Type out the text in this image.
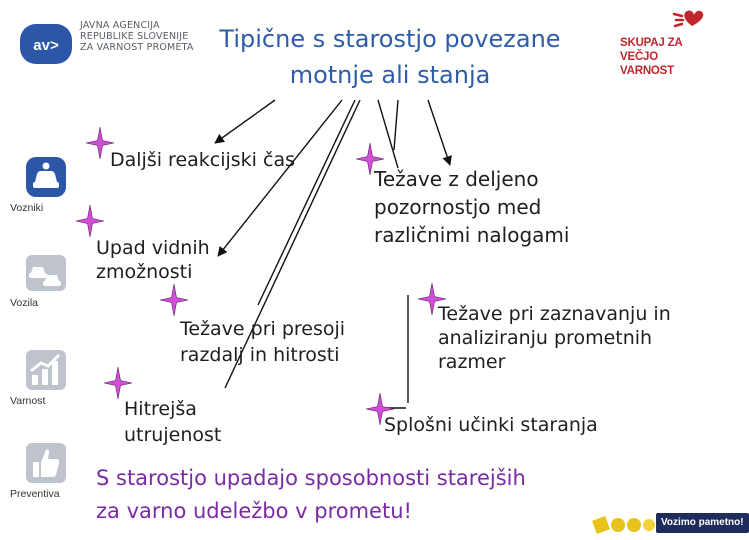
av>
JAVNA AGENCIJA
REPUBLIKE SLOVENIJE
ZA VARNOST PROMETA	Tipične s starostjo povezane
motnje ali stanja
SKUPAJ ZA
VEČJO VARNOST
Vozniki
Vozila
Varnost
Preventiva
Daljši reakcijski čas
Upad vidnih
zmožnosti
Težave z deljeno
pozornostjo med
različnimi nalogami
Težave pri presoji
razdalj in hitrosti
Težave pri zaznavanju in
analiziranju prometnih
razmer
Hitrejša
utrujenost	Splošni učinki staranja
S starostjo upadajo sposobnosti starejših
za varno udeležbo v prometu!	Vozimo pametno!
